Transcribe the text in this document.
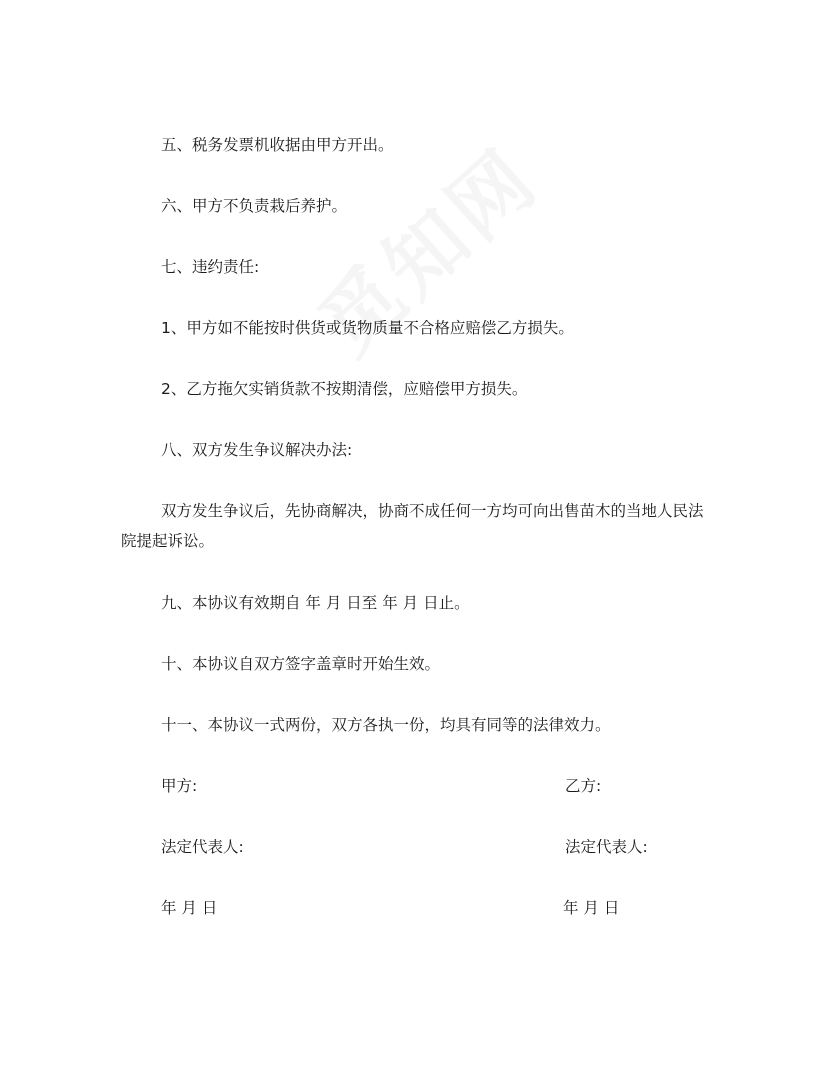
五、税务发票机收据由甲方开出。

六、甲方不负责栽后养护。

七、违约责任:

1、甲方如不能按时供货或货物质量不合格应赔偿乙方损失。

2、乙方拖欠实销货款不按期清偿，应赔偿甲方损失。

八、双方发生争议解决办法:

双方发生争议后，先协商解决，协商不成任何一方均可向出售苗木的当地人民法院提起诉讼。

九、本协议有效期自 年 月 日至 年 月 日止。

十、本协议自双方签字盖章时开始生效。

十一、本协议一式两份，双方各执一份，均具有同等的法律效力。

甲方:	乙方:

法定代表人:	法定代表人:

年 月 日	年 月 日
